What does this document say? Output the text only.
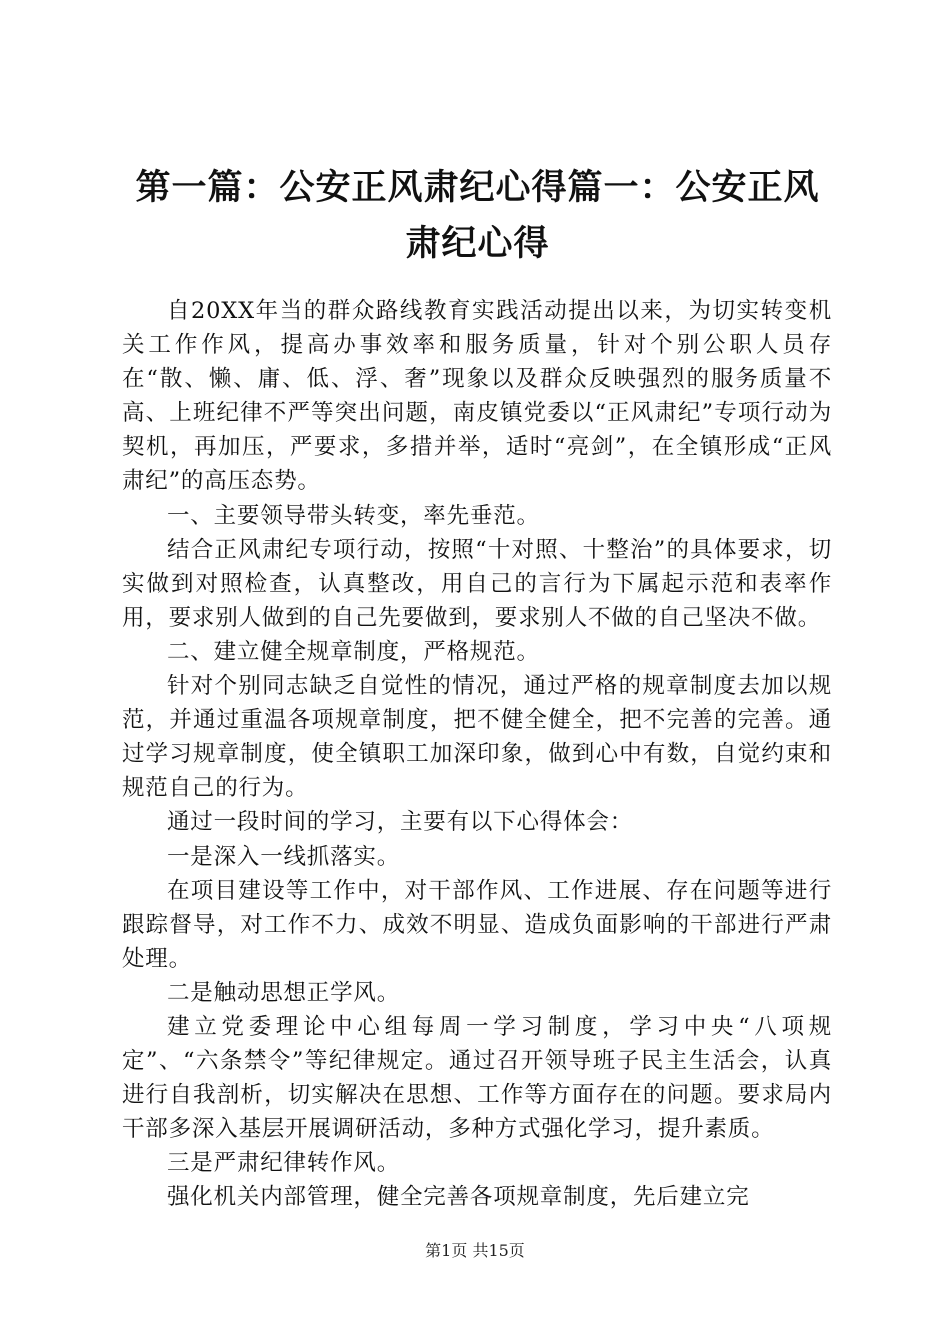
第一篇：公安正风肃纪心得篇一：公安正风肃纪心得

自20XX年当的群众路线教育实践活动提出以来，为切实转变机关工作作风，提高办事效率和服务质量，针对个别公职人员存在“散、懒、庸、低、浮、奢”现象以及群众反映强烈的服务质量不高、上班纪律不严等突出问题，南皮镇党委以“正风肃纪”专项行动为契机，再加压，严要求，多措并举，适时“亮剑”，在全镇形成“正风肃纪”的高压态势。

一、主要领导带头转变，率先垂范。

结合正风肃纪专项行动，按照“十对照、十整治”的具体要求，切实做到对照检查，认真整改，用自己的言行为下属起示范和表率作用，要求别人做到的自己先要做到，要求别人不做的自己坚决不做。

二、建立健全规章制度，严格规范。

针对个别同志缺乏自觉性的情况，通过严格的规章制度去加以规范，并通过重温各项规章制度，把不健全健全，把不完善的完善。通过学习规章制度，使全镇职工加深印象，做到心中有数，自觉约束和规范自己的行为。

通过一段时间的学习，主要有以下心得体会：

一是深入一线抓落实。

在项目建设等工作中，对干部作风、工作进展、存在问题等进行跟踪督导，对工作不力、成效不明显、造成负面影响的干部进行严肃处理。

二是触动思想正学风。

建立党委理论中心组每周一学习制度，学习中央“八项规定”、“六条禁令”等纪律规定。通过召开领导班子民主生活会，认真进行自我剖析，切实解决在思想、工作等方面存在的问题。要求局内干部多深入基层开展调研活动，多种方式强化学习，提升素质。

三是严肃纪律转作风。

强化机关内部管理，健全完善各项规章制度，先后建立完

第1页 共15页
